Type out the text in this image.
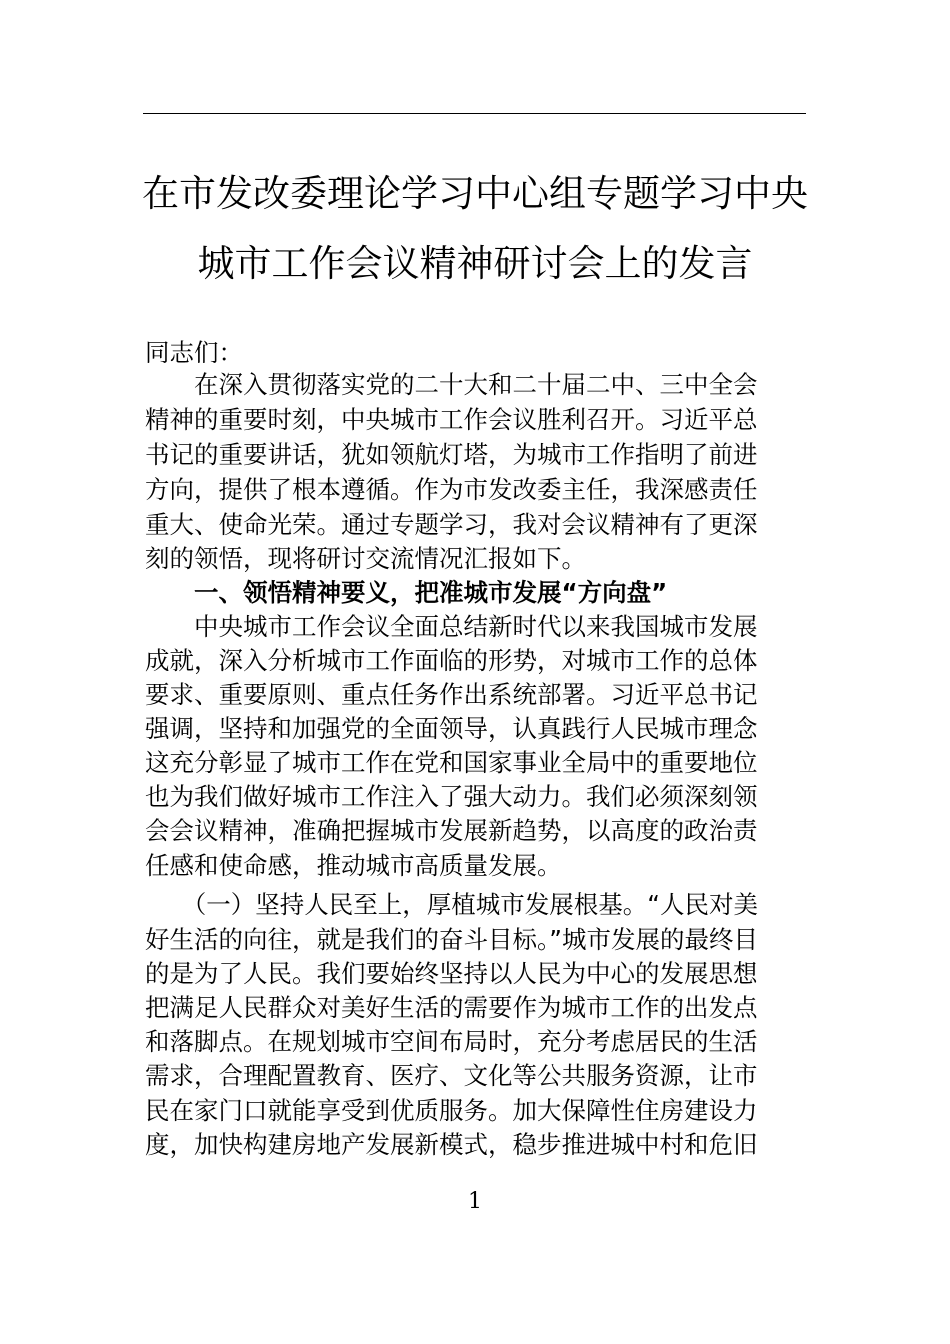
在市发改委理论学习中心组专题学习中央
城市工作会议精神研讨会上的发言
同志们：
　　在深入贯彻落实党的二十大和二十届二中、三中全会
精神的重要时刻，中央城市工作会议胜利召开。习近平总
书记的重要讲话，犹如领航灯塔，为城市工作指明了前进
方向，提供了根本遵循。作为市发改委主任，我深感责任
重大、使命光荣。通过专题学习，我对会议精神有了更深
刻的领悟，现将研讨交流情况汇报如下。
　　一、领悟精神要义，把准城市发展“方向盘”
　　中央城市工作会议全面总结新时代以来我国城市发展
成就，深入分析城市工作面临的形势，对城市工作的总体
要求、重要原则、重点任务作出系统部署。习近平总书记
强调，坚持和加强党的全面领导，认真践行人民城市理念
这充分彰显了城市工作在党和国家事业全局中的重要地位
也为我们做好城市工作注入了强大动力。我们必须深刻领
会会议精神，准确把握城市发展新趋势，以高度的政治责
任感和使命感，推动城市高质量发展。
　　（一）坚持人民至上，厚植城市发展根基。“人民对美
好生活的向往，就是我们的奋斗目标。”城市发展的最终目
的是为了人民。我们要始终坚持以人民为中心的发展思想
把满足人民群众对美好生活的需要作为城市工作的出发点
和落脚点。在规划城市空间布局时，充分考虑居民的生活
需求，合理配置教育、医疗、文化等公共服务资源，让市
民在家门口就能享受到优质服务。加大保障性住房建设力
度，加快构建房地产发展新模式，稳步推进城中村和危旧
1
